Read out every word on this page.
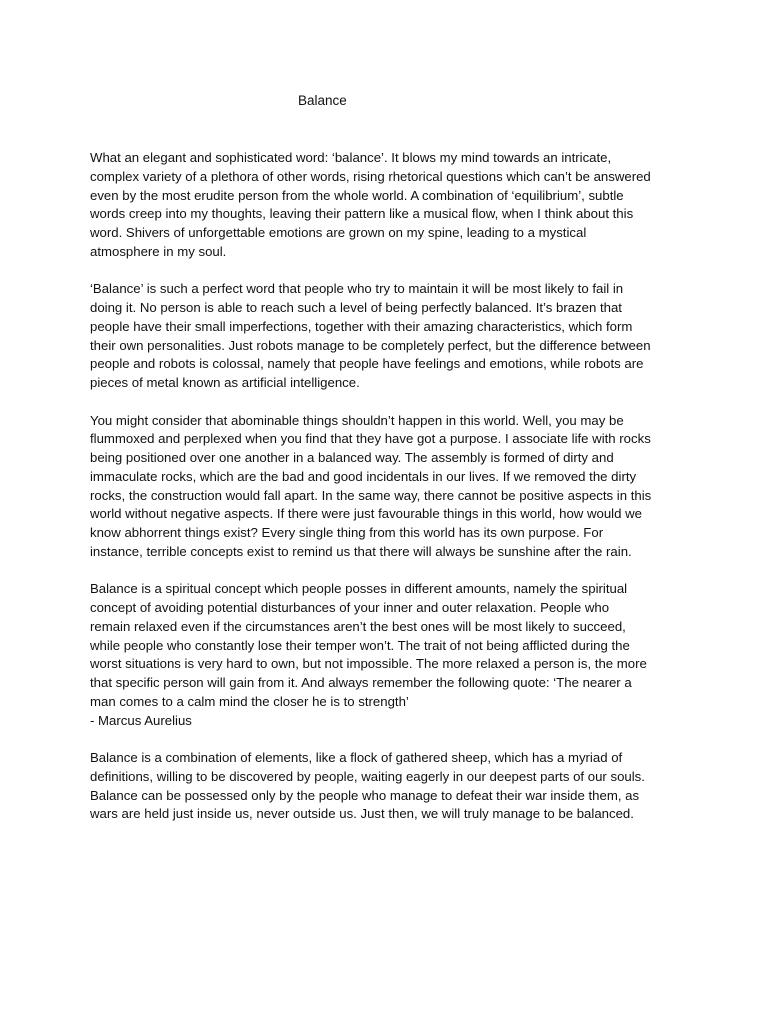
Balance

What an elegant and sophisticated word: ‘balance’. It blows my mind towards an intricate,
complex variety of a plethora of other words, rising rhetorical questions which can’t be answered
even by the most erudite person from the whole world. A combination of ‘equilibrium’, subtle
words creep into my thoughts, leaving their pattern like a musical flow, when I think about this
word. Shivers of unforgettable emotions are grown on my spine, leading to a mystical
atmosphere in my soul.

‘Balance’ is such a perfect word that people who try to maintain it will be most likely to fail in
doing it. No person is able to reach such a level of being perfectly balanced. It’s brazen that
people have their small imperfections, together with their amazing characteristics, which form
their own personalities. Just robots manage to be completely perfect, but the difference between
people and robots is colossal, namely that people have feelings and emotions, while robots are
pieces of metal known as artificial intelligence.

You might consider that abominable things shouldn’t happen in this world. Well, you may be
flummoxed and perplexed when you find that they have got a purpose. I associate life with rocks
being positioned over one another in a balanced way. The assembly is formed of dirty and
immaculate rocks, which are the bad and good incidentals in our lives. If we removed the dirty
rocks, the construction would fall apart. In the same way, there cannot be positive aspects in this
world without negative aspects. If there were just favourable things in this world, how would we
know abhorrent things exist? Every single thing from this world has its own purpose. For
instance, terrible concepts exist to remind us that there will always be sunshine after the rain.

Balance is a spiritual concept which people posses in different amounts, namely the spiritual
concept of avoiding potential disturbances of your inner and outer relaxation. People who
remain relaxed even if the circumstances aren’t the best ones will be most likely to succeed,
while people who constantly lose their temper won’t. The trait of not being afflicted during the
worst situations is very hard to own, but not impossible. The more relaxed a person is, the more
that specific person will gain from it. And always remember the following quote: ‘The nearer a
man comes to a calm mind the closer he is to strength’
- Marcus Aurelius

Balance is a combination of elements, like a flock of gathered sheep, which has a myriad of
definitions, willing to be discovered by people, waiting eagerly in our deepest parts of our souls.
Balance can be possessed only by the people who manage to defeat their war inside them, as
wars are held just inside us, never outside us. Just then, we will truly manage to be balanced.
